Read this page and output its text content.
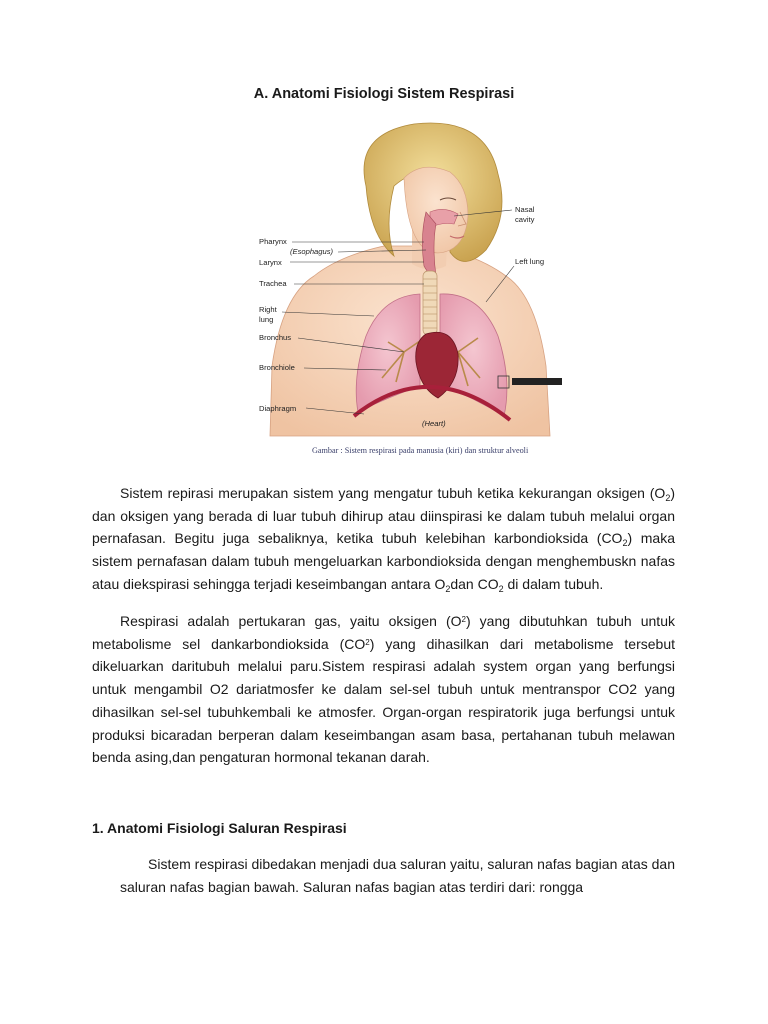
A. Anatomi Fisiologi Sistem Respirasi
Pharynx
(Esophagus)
Larynx
Trachea
Right
lung
Bronchus
Bronchiole
Diaphragm
Nasal
cavity
Left lung
(Heart)
Gambar : Sistem respirasi pada manusia (kiri) dan struktur alveoli
Sistem repirasi merupakan sistem yang mengatur tubuh ketika kekurangan oksigen $(O_2)$ dan oksigen yang berada di luar tubuh dihirup atau diinspirasi ke dalam tubuh melalui organ pernafasan. Begitu juga sebaliknya, ketika tubuh kelebihan karbondioksida $(CO_2)$ maka sistem pernafasan dalam tubuh mengeluarkan karbondioksida dengan menghembuskn nafas atau diekspirasi sehingga terjadi keseimbangan antara $O_2dan$ $CO_2$ di dalam tubuh.
Respirasi adalah pertukaran gas, yaitu oksigen $(O^2)$ yang dibutuhkan tubuh untuk metabolisme sel dankarbondioksida $(CO^2)$ yang dihasilkan dari metabolisme tersebut dikeluarkan daritubuh melalui paru.Sistem respirasi adalah system organ yang berfungsi untuk mengambil O2 dariatmosfer ke dalam sel-sel tubuh untuk mentranspor CO2 yang dihasilkan sel-sel tubuhkembali ke atmosfer. Organ-organ respiratorik juga berfungsi untuk produksi bicaradan berperan dalam keseimbangan asam basa, pertahanan tubuh melawan benda asing,dan pengaturan hormonal tekanan darah.
1. Anatomi Fisiologi Saluran Respirasi
Sistem respirasi dibedakan menjadi dua saluran yaitu, saluran nafas bagian atas dan saluran nafas bagian bawah. Saluran nafas bagian atas terdiri dari: rongga
